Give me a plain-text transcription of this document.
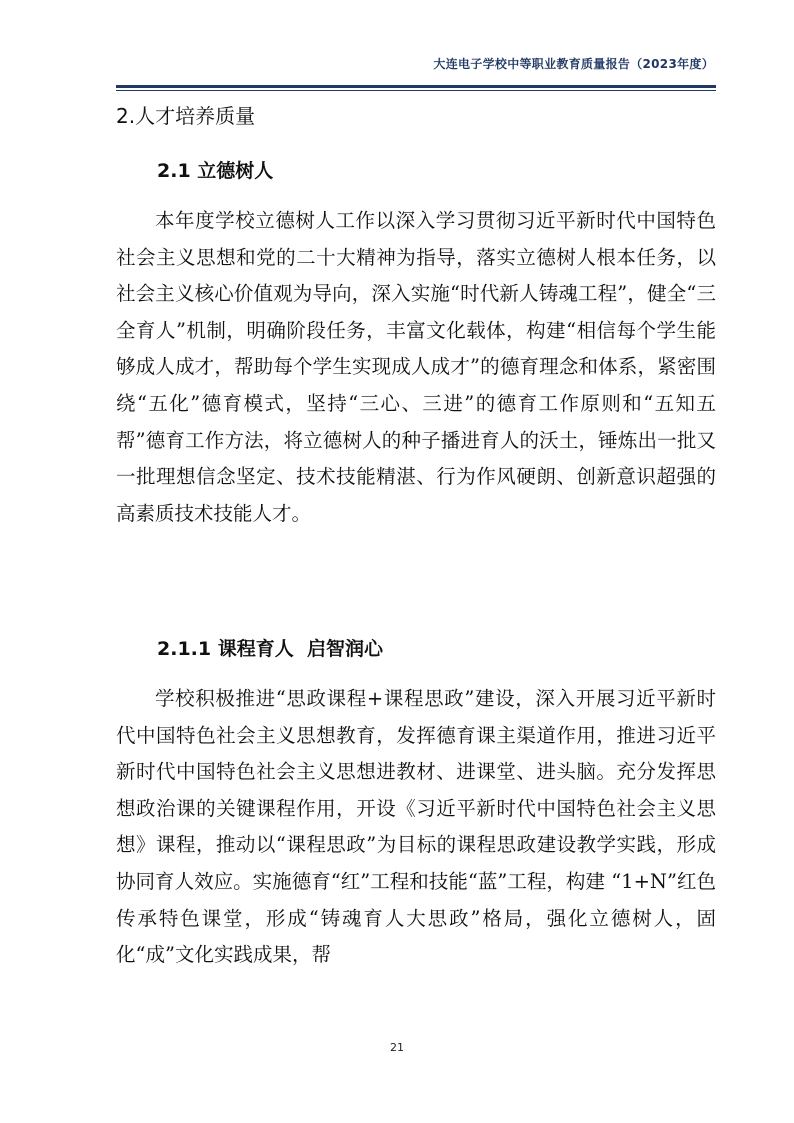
大连电子学校中等职业教育质量报告（2023年度）
2.人才培养质量
2.1 立德树人

本年度学校立德树人工作以深入学习贯彻习近平新时代中国特色社会主义思想和党的二十大精神为指导，落实立德树人根本任务，以社会主义核心价值观为导向，深入实施“时代新人铸魂工程”，健全“三全育人”机制，明确阶段任务，丰富文化载体，构建“相信每个学生能够成人成才，帮助每个学生实现成人成才”的德育理念和体系，紧密围绕“五化”德育模式，坚持“三心、三进”的德育工作原则和“五知五帮”德育工作方法，将立德树人的种子播进育人的沃土，锤炼出一批又一批理想信念坚定、技术技能精湛、行为作风硬朗、创新意识超强的高素质技术技能人才。

2.1.1 课程育人  启智润心

学校积极推进“思政课程+课程思政”建设，深入开展习近平新时代中国特色社会主义思想教育，发挥德育课主渠道作用，推进习近平新时代中国特色社会主义思想进教材、进课堂、进头脑。充分发挥思想政治课的关键课程作用，开设《习近平新时代中国特色社会主义思想》课程，推动以“课程思政”为目标的课程思政建设教学实践，形成协同育人效应。实施德育“红”工程和技能“蓝”工程，构建 “1+N”红色传承特色课堂，形成“铸魂育人大思政”格局，强化立德树人，固化“成”文化实践成果，帮

21
